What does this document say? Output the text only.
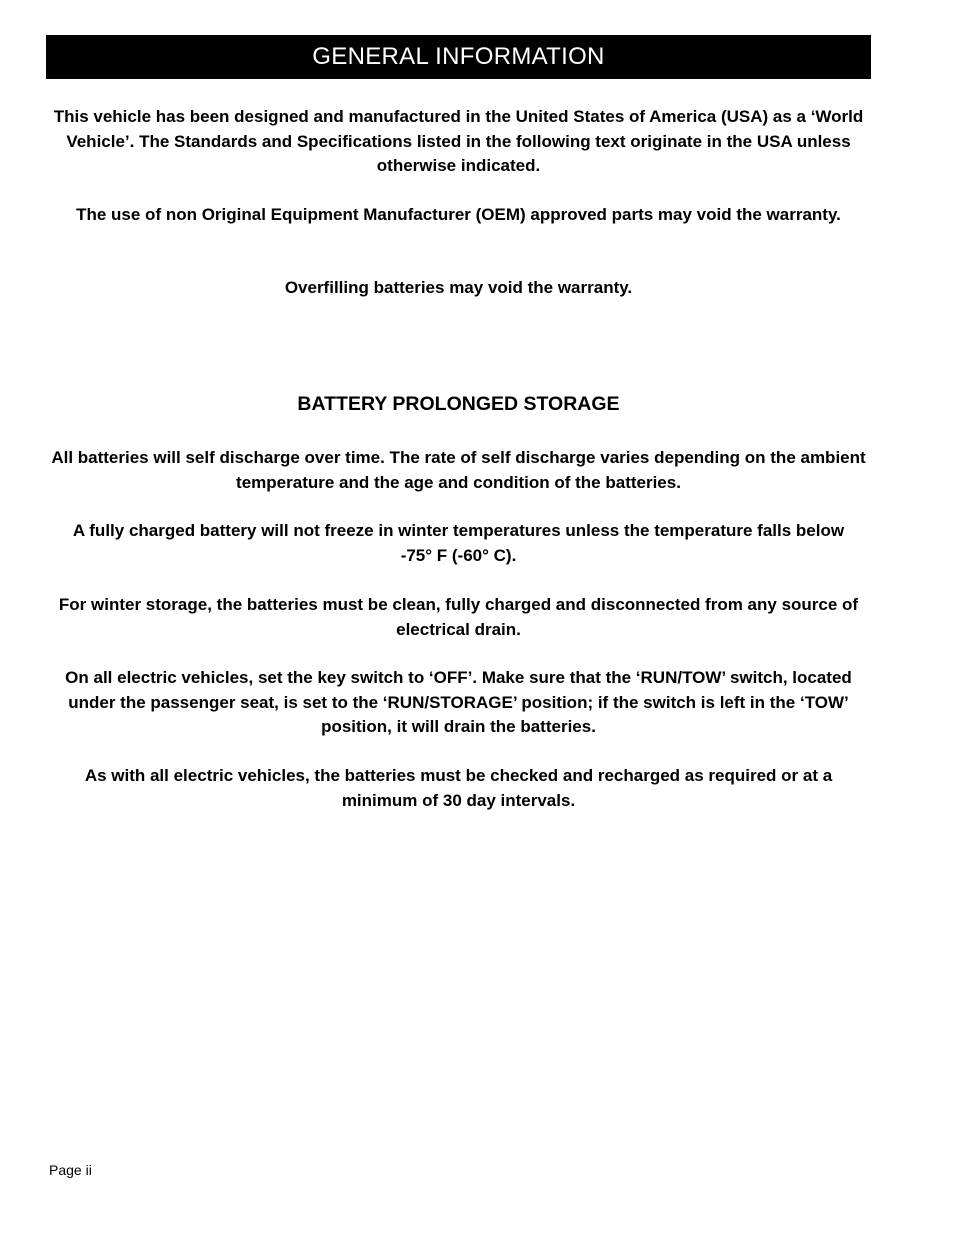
GENERAL INFORMATION

This vehicle has been designed and manufactured in the United States of America (USA) as a ‘World Vehicle’. The Standards and Specifications listed in the following text originate in the USA unless otherwise indicated.

The use of non Original Equipment Manufacturer (OEM) approved parts may void the warranty.

Overfilling batteries may void the warranty.

BATTERY PROLONGED STORAGE

All batteries will self discharge over time. The rate of self discharge varies depending on the ambient temperature and the age and condition of the batteries.

A fully charged battery will not freeze in winter temperatures unless the temperature falls below -75° F (-60° C).

For winter storage, the batteries must be clean, fully charged and disconnected from any source of electrical drain.

On all electric vehicles, set the key switch to ‘OFF’. Make sure that the ‘RUN/TOW’ switch, located under the passenger seat, is set to the ‘RUN/STORAGE’ position; if the switch is left in the ‘TOW’ position, it will drain the batteries.

As with all electric vehicles, the batteries must be checked and recharged as required or at a minimum of 30 day intervals.

Page ii
